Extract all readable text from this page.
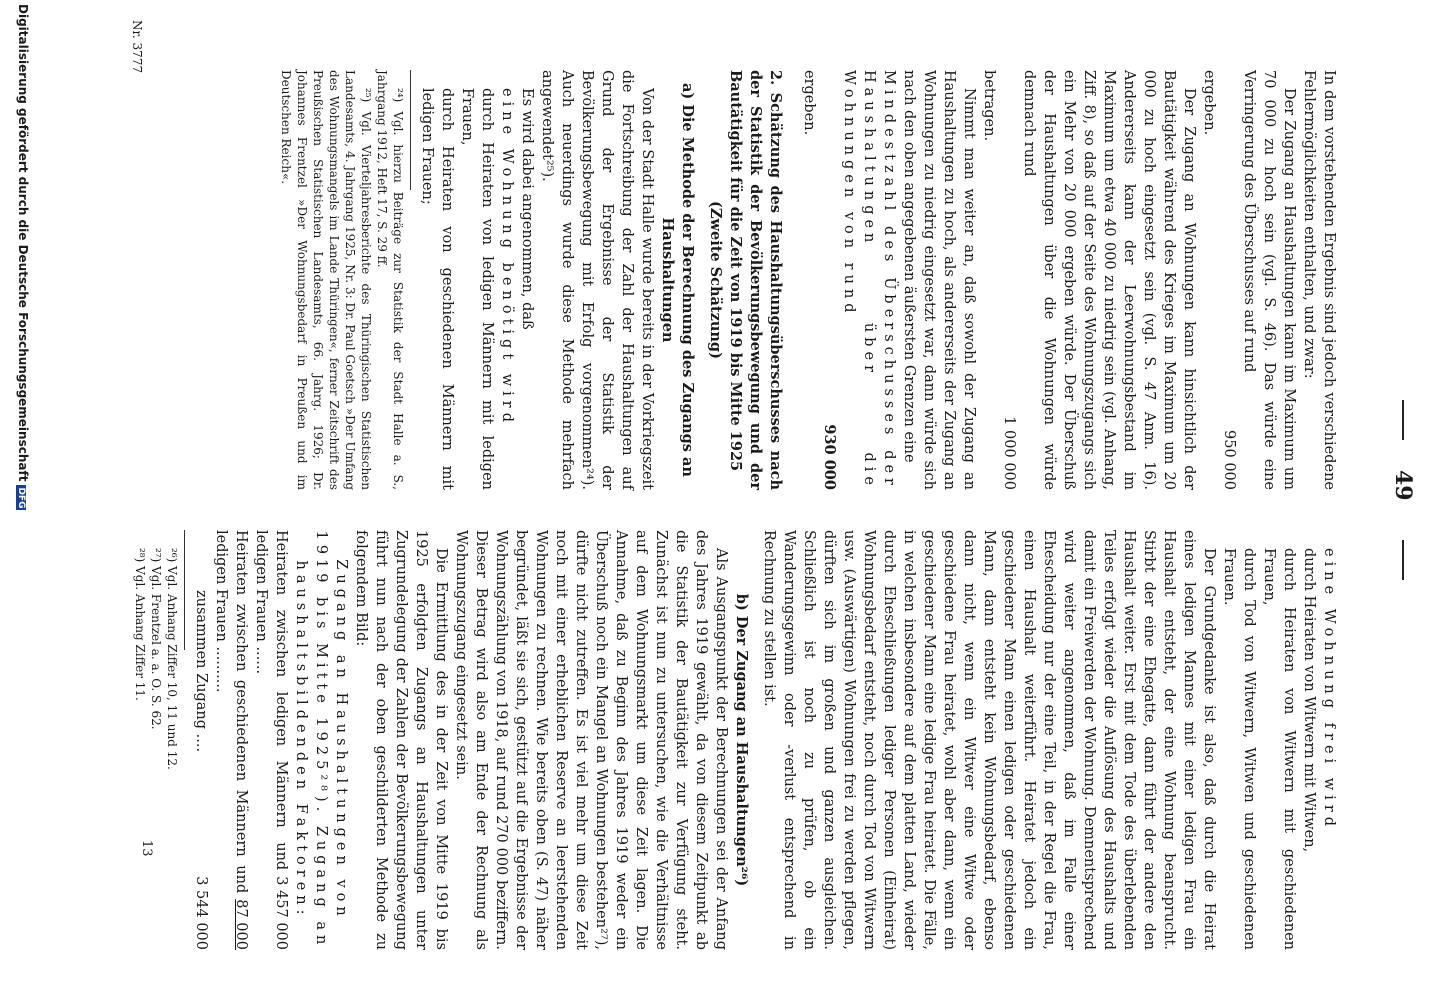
49

In dem vorstehenden Ergebnis sind jedoch verschiedene Fehlermöglichkeiten enthalten, und zwar:

Der Zugang an Haushaltungen kann im Maximum um 70 000 zu hoch sein (vgl. S. 46). Das würde eine Verringerung des Überschusses auf rund

950 000

ergeben.

Der Zugang an Wohnungen kann hinsichtlich der Bautätigkeit während des Krieges im Maximum um 20 000 zu hoch eingesetzt sein (vgl. S. 47 Anm. 16). Andererseits kann der Leerwohnungsbestand im Maximum um etwa 40 000 zu niedrig sein (vgl. Anhang, Ziff. 8), so daß auf der Seite des Wohnungszugangs sich ein Mehr von 20 000 ergeben würde. Der Überschuß der Haushaltungen über die Wohnungen würde demnach rund

1 000 000

betragen.

Nimmt man weiter an, daß sowohl der Zugang an Haushaltungen zu hoch, als andererseits der Zugang an Wohnungen zu niedrig eingesetzt war, dann würde sich nach den oben angegebenen äußersten Grenzen eine

Mindestzahl des Überschusses der Haushaltungen über die Wohnungen von rund

930 000

ergeben.

2. Schätzung des Haushaltungsüberschusses nach der Statistik der Bevölkerungsbewegung und der Bautätigkeit für die Zeit von 1919 bis Mitte 1925

(Zweite Schätzung)

a) Die Methode der Berechnung des Zugangs an Haushaltungen

Von der Stadt Halle wurde bereits in der Vorkriegszeit die Fortschreibung der Zahl der Haushaltungen auf Grund der Ergebnisse der Statistik der Bevölkerungsbewegung mit Erfolg vorgenommen²⁴). Auch neuerdings wurde diese Methode mehrfach angewendet²⁵).

Es wird dabei angenommen, daß

eine Wohnung benötigt wird

durch Heiraten von ledigen Männern mit ledigen Frauen,

durch Heiraten von geschiedenen Männern mit ledigen Frauen;

²⁴) Vgl. hierzu Beiträge zur Statistik der Stadt Halle a. S., Jahrgang 1912, Heft 17, S. 29 ff.

²⁵) Vgl. Vierteljahresberichte des Thüringischen Statistischen Landesamts, 4. Jahrgang 1925, Nr. 3: Dr. Paul Goetsch »Der Umfang des Wohnungsmangels im Lande Thüringen«, ferner Zeitschrift des Preußischen Statistischen Landesamts, 66. Jahrg. 1926; Dr. Johannes Frentzel »Der Wohnungsbedarf in Preußen und im Deutschen Reich«.

eine Wohnung frei wird

durch Heiraten von Witwern mit Witwen,

durch Heiraten von Witwern mit geschiedenen Frauen,

durch Tod von Witwern, Witwen und geschiedenen Frauen.

Der Grundgedanke ist also, daß durch die Heirat eines ledigen Mannes mit einer ledigen Frau ein Haushalt entsteht, der eine Wohnung beansprucht. Stirbt der eine Ehegatte, dann führt der andere den Haushalt weiter. Erst mit dem Tode des überlebenden Teiles erfolgt wieder die Auflösung des Haushalts und damit ein Freiwerden der Wohnung. Demnentsprechend wird weiter angenommen, daß im Falle einer Ehescheidung nur der eine Teil, in der Regel die Frau, einen Haushalt weiterführt. Heiratet jedoch ein geschiedener Mann einen ledigen oder geschiedenen Mann, dann entsteht kein Wohnungsbedarf, ebenso dann nicht, wenn ein Witwer eine Witwe oder geschiedene Frau heiratet, wohl aber dann, wenn ein geschiedener Mann eine ledige Frau heiratet. Die Fälle, in welchen insbesondere auf dem platten Land, wieder durch Eheschließungen lediger Personen (Einheirat) Wohnungsbedarf entsteht, noch durch Tod von Witwern usw. (Auswärtigen) Wohnungen frei zu werden pflegen, dürften sich im großen und ganzen ausgleichen. Schließlich ist noch zu prüfen, ob ein Wanderungsgewinn oder -verlust entsprechend in Rechnung zu stellen ist.

b) Der Zugang an Haushaltungen²⁶)

Als Ausgangspunkt der Berechnungen sei der Anfang des Jahres 1919 gewählt, da von diesem Zeitpunkt ab die Statistik der Bautätigkeit zur Verfügung steht. Zunächst ist nun zu untersuchen, wie die Verhältnisse auf dem Wohnungsmarkt um diese Zeit lagen. Die Annahme, daß zu Beginn des Jahres 1919 weder ein Überschuß noch ein Mangel an Wohnungen bestehen²⁷), dürfte nicht zutreffen. Es ist viel mehr um diese Zeit noch mit einer erheblichen Reserve an leerstehenden Wohnungen zu rechnen. Wie bereits oben (S. 47) näher begründet, läßt sie sich, gestützt auf die Ergebnisse der Wohnungszählung von 1918, auf rund 270 000 beziffern. Dieser Betrag wird also am Ende der Rechnung als Wohnungszugang eingesetzt sein.

Die Ermittlung des in der Zeit von Mitte 1919 bis 1925 erfolgten Zugangs an Haushaltungen unter Zugrundelegung der Zahlen der Bevölkerungsbewegung führt nun nach der oben geschilderten Methode zu folgendem Bild:

Zugang an Haushaltungen von 1919 bis Mitte 1925²⁸). Zugang an haushaltsbildenden Faktoren:

Heiraten zwischen ledigen Männern und ledigen Frauen ......
3 457 000
Heiraten zwischen geschiedenen Männern und ledigen Frauen ..........
87 000
zusammen Zugang ....
3 544 000

²⁶) Vgl. Anhang Ziffer 10, 11 und 12.

²⁷) Vgl. Frentzel a. a. O. S. 62.

²⁸) Vgl. Anhang Ziffer 11.

Nr. 3777
13
Digitalisierung gefördert durch die Deutsche ForschungsgemeinschaftDFG
